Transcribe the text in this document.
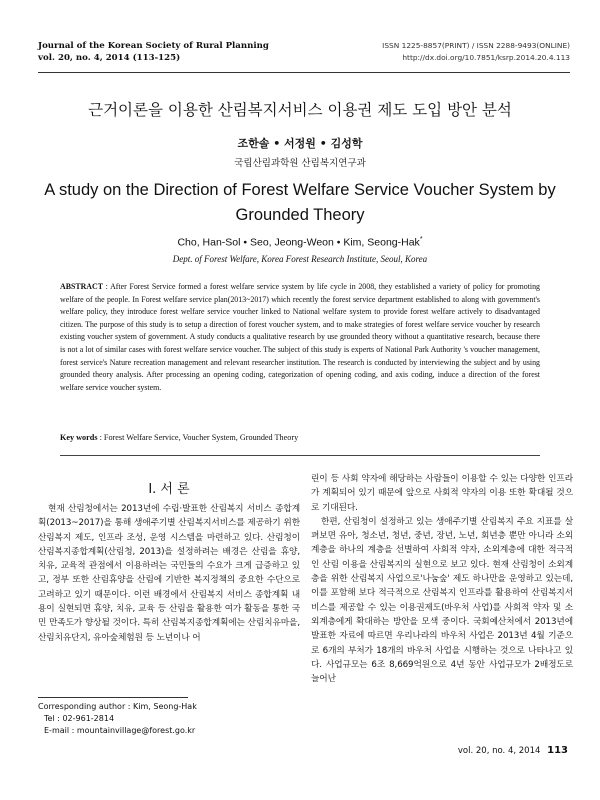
Journal of the Korean Society of Rural Planning
vol. 20, no. 4, 2014 (113-125)
ISSN 1225-8857(PRINT) / ISSN 2288-9493(ONLINE)
http://dx.doi.org/10.7851/ksrp.2014.20.4.113
근거이론을 이용한 산림복지서비스 이용권 제도 도입 방안 분석
조한솔 • 서정원 • 김성학
국립산림과학원 산림복지연구과
A study on the Direction of Forest Welfare Service Voucher System by Grounded Theory
Cho, Han-Sol • Seo, Jeong-Weon • Kim, Seong-Hak*
Dept. of Forest Welfare, Korea Forest Research Institute, Seoul, Korea
ABSTRACT : After Forest Service formed a forest welfare service system by life cycle in 2008, they established a variety of policy for promoting welfare of the people. In Forest welfare service plan(2013~2017) which recently the forest service department established to along with government's welfare policy, they introduce forest welfare service voucher linked to National welfare system to provide forest welfare actively to disadvantaged citizen. The purpose of this study is to setup a direction of forest voucher system, and to make strategies of forest welfare service voucher by research existing voucher system of government. A study conducts a qualitative research by use grounded theory without a quantitative research, because there is not a lot of similar cases with forest welfare service voucher. The subject of this study is experts of National Park Authority 's voucher management, forest service's Nature recreation management and relevant researcher institution. The research is conducted by interviewing the subject and by using grounded theory analysis. After processing an opening coding, categorization of opening coding, and axis coding, induce a direction of the forest welfare service voucher system.
Key words : Forest Welfare Service, Voucher System, Grounded Theory
I. 서 론

현재 산림청에서는 2013년에 수립·발표한 산림복지 서비스 종합계획(2013~2017)을 통해 생애주기별 산림복지서비스를 제공하기 위한 산림복지 제도, 인프라 조성, 운영 시스템을 마련하고 있다. 산림청이 산림복지종합계획(산림청, 2013)을 설정하려는 배경은 산림을 휴양, 치유, 교육적 관점에서 이용하려는 국민들의 수요가 크게 급증하고 있고, 정부 또한 산림휴양을 산림에 기반한 복지정책의 중요한 수단으로 고려하고 있기 때문이다. 이런 배경에서 산림복지 서비스 종합계획 내용이 실현되면 휴양, 치유, 교육 등 산림을 활용한 여가 활동을 통한 국민 만족도가 향상될 것이다. 특히 산림복지종합계획에는 산림치유마을, 산림치유단지, 유아숲체험원 등 노년이나 어

린이 등 사회 약자에 해당하는 사람들이 이용할 수 있는 다양한 인프라가 계획되어 있기 때문에 앞으로 사회적 약자의 이용 또한 확대될 것으로 기대된다.

한편, 산림청이 설정하고 있는 생애주기별 산림복지 주요 지표를 살펴보면 유아, 청소년, 청년, 중년, 장년, 노년, 회년층 뿐만 아니라 소외계층을 하나의 계층을 선별하여 사회적 약자, 소외계층에 대한 적극적인 산림 이용을 산림복지의 실현으로 보고 있다. 현재 산림청이 소외계층을 위한 산림복지 사업으로'나눔숲' 제도 하나만을 운영하고 있는데, 이를 포함해 보다 적극적으로 산림복지 인프라를 활용하여 산림복지서비스를 제공할 수 있는 이용권제도(바우처 사업)를 사회적 약자 및 소외계층에게 확대하는 방안을 모색 중이다. 국회예산처에서 2013년에 발표한 자료에 따르면 우리나라의 바우처 사업은 2013년 4월 기준으로 6개의 부처가 18개의 바우처 사업을 시행하는 것으로 나타나고 있다. 사업규모는 6조 8,669억원으로 4년 동안 사업규모가 2배정도로 늘어난

Corresponding author : Kim, Seong-Hak
Tel : 02-961-2814
E-mail : mountainvillage@forest.go.kr
vol. 20, no. 4, 2014 113
